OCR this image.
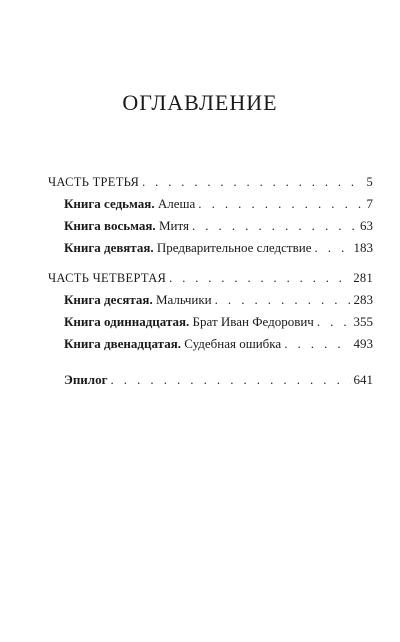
ОГЛАВЛЕНИЕ
ЧАСТЬ ТРЕТЬЯ . . .	5
Книга седьмая. Алеша . . .	7
Книга восьмая. Митя . . .	63
Книга девятая. Предварительное следствие . . .	183
ЧАСТЬ ЧЕТВЕРТАЯ . . .	281
Книга десятая. Мальчики . . .	283
Книга одиннадцатая. Брат Иван Федорович . . .	355
Книга двенадцатая. Судебная ошибка . . .	493
Эпилог . . .	641
